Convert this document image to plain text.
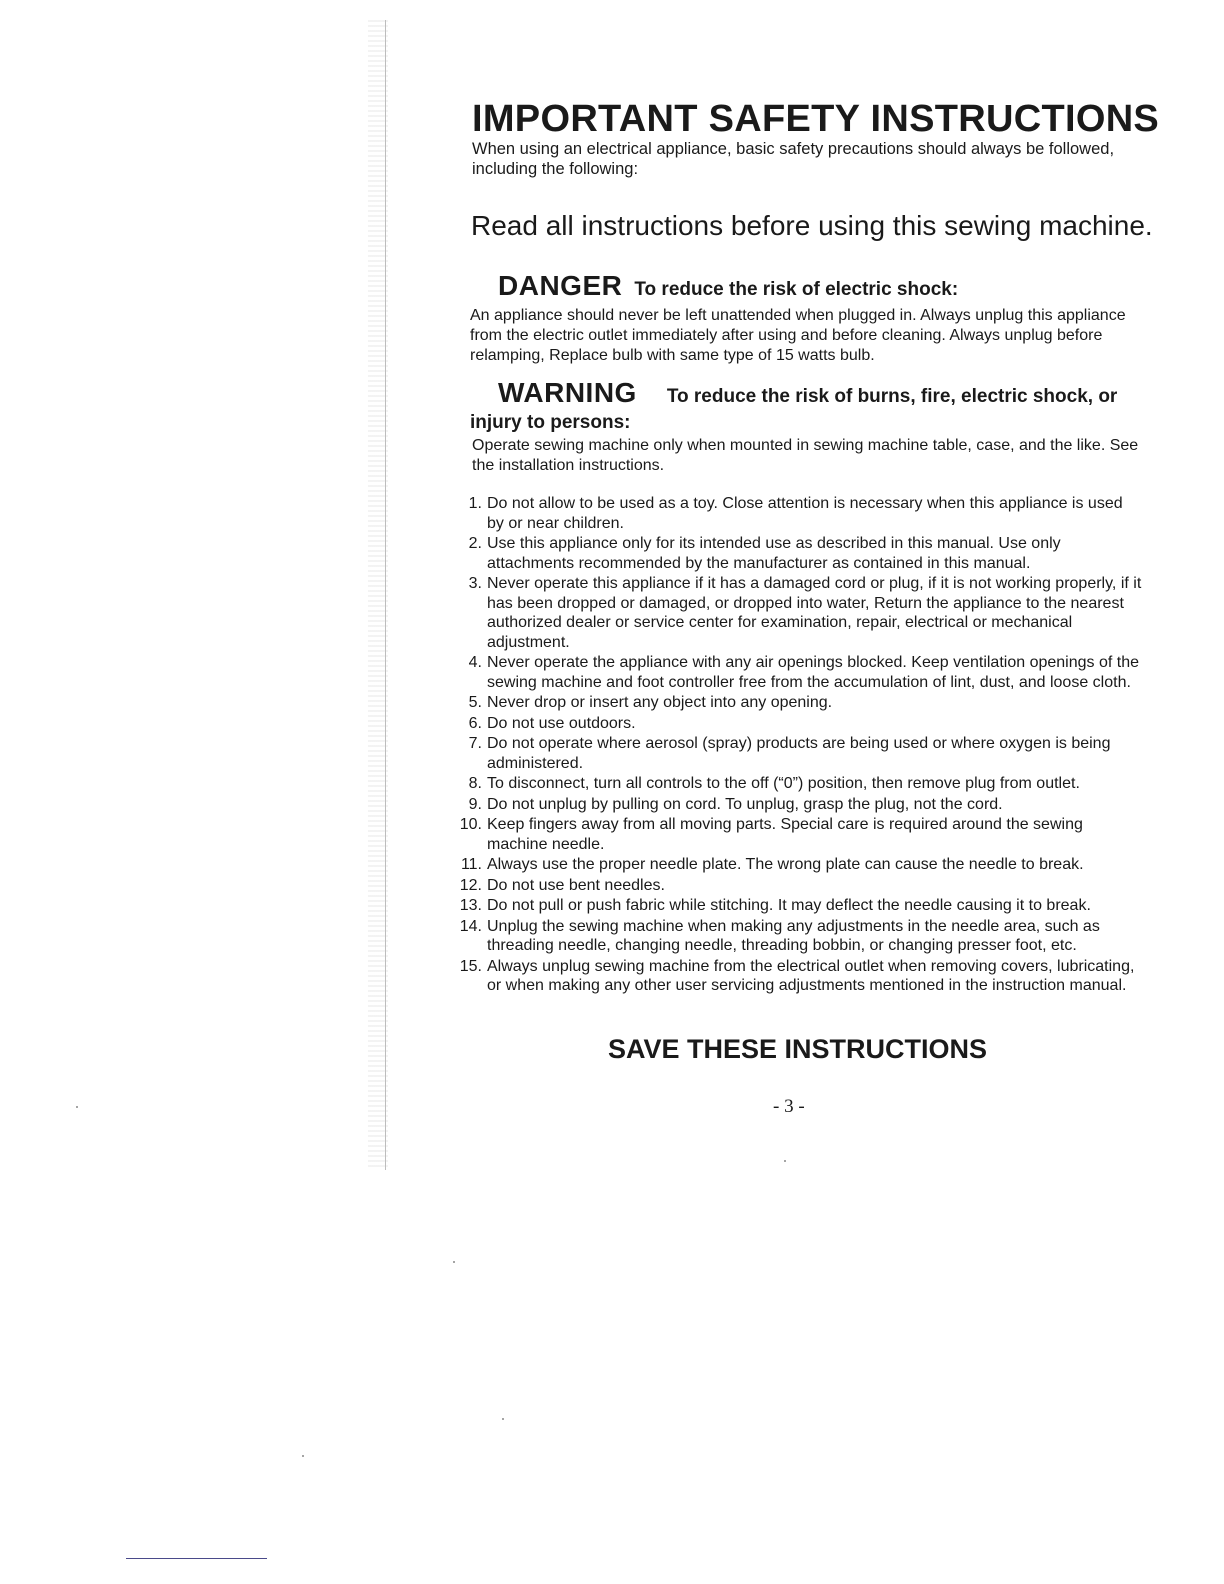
IMPORTANT SAFETY INSTRUCTIONS

When using an electrical appliance, basic safety precautions should always be followed, including the following:

Read all instructions before using this sewing machine.

DANGER To reduce the risk of electric shock:

An appliance should never be left unattended when plugged in. Always unplug this appliance from the electric outlet immediately after using and before cleaning. Always unplug before relamping, Replace bulb with same type of 15 watts bulb.

WARNING To reduce the risk of burns, fire, electric shock, or injury to persons:

Operate sewing machine only when mounted in sewing machine table, case, and the like. See the installation instructions.

1. Do not allow to be used as a toy. Close attention is necessary when this appliance is used by or near children.
2. Use this appliance only for its intended use as described in this manual. Use only attachments recommended by the manufacturer as contained in this manual.
3. Never operate this appliance if it has a damaged cord or plug, if it is not working properly, if it has been dropped or damaged, or dropped into water, Return the appliance to the nearest authorized dealer or service center for examination, repair, electrical or mechanical adjustment.
4. Never operate the appliance with any air openings blocked. Keep ventilation openings of the sewing machine and foot controller free from the accumulation of lint, dust, and loose cloth.
5. Never drop or insert any object into any opening.
6. Do not use outdoors.
7. Do not operate where aerosol (spray) products are being used or where oxygen is being administered.
8. To disconnect, turn all controls to the off (“0”) position, then remove plug from outlet.
9. Do not unplug by pulling on cord. To unplug, grasp the plug, not the cord.
10. Keep fingers away from all moving parts. Special care is required around the sewing machine needle.
11. Always use the proper needle plate. The wrong plate can cause the needle to break.
12. Do not use bent needles.
13. Do not pull or push fabric while stitching. It may deflect the needle causing it to break.
14. Unplug the sewing machine when making any adjustments in the needle area, such as threading needle, changing needle, threading bobbin, or changing presser foot, etc.
15. Always unplug sewing machine from the electrical outlet when removing covers, lubricating, or when making any other user servicing adjustments mentioned in the instruction manual.

SAVE THESE INSTRUCTIONS

- 3 -
